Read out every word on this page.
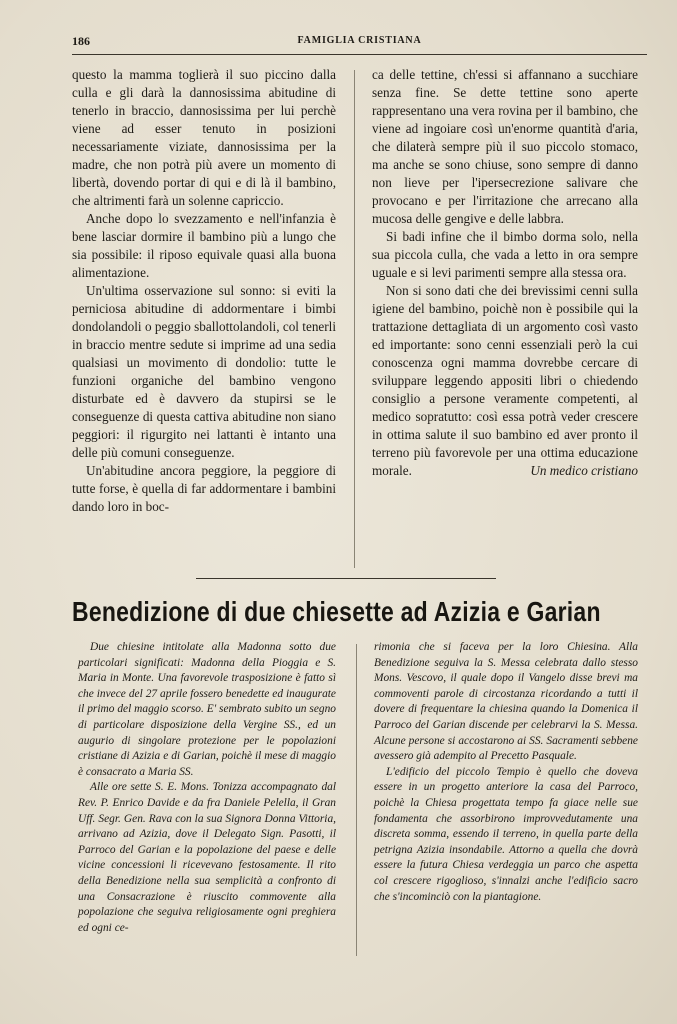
186	FAMIGLIA CRISTIANA

questo la mamma toglierà il suo piccino dalla culla e gli darà la dannosissima abitudine di tenerlo in braccio, dannosissima per lui perchè viene ad esser tenuto in posizioni necessariamente viziate, dannosissima per la madre, che non potrà più avere un momento di libertà, dovendo portar di qui e di là il bambino, che altrimenti farà un solenne capriccio.

Anche dopo lo svezzamento e nell'infanzia è bene lasciar dormire il bambino più a lungo che sia possibile: il riposo equivale quasi alla buona alimentazione.

Un'ultima osservazione sul sonno: si eviti la perniciosa abitudine di addormentare i bimbi dondolandoli o peggio sballottolandoli, col tenerli in braccio mentre sedute si imprime ad una sedia qualsiasi un movimento di dondolio: tutte le funzioni organiche del bambino vengono disturbate ed è davvero da stupirsi se le conseguenze di questa cattiva abitudine non siano peggiori: il rigurgito nei lattanti è intanto una delle più comuni conseguenze.

Un'abitudine ancora peggiore, la peggiore di tutte forse, è quella di far addormentare i bambini dando loro in boc-

ca delle tettine, ch'essi si affannano a succhiare senza fine. Se dette tettine sono aperte rappresentano una vera rovina per il bambino, che viene ad ingoiare così un'enorme quantità d'aria, che dilaterà sempre più il suo piccolo stomaco, ma anche se sono chiuse, sono sempre di danno non lieve per l'ipersecrezione salivare che provocano e per l'irritazione che arrecano alla mucosa delle gengive e delle labbra.

Si badi infine che il bimbo dorma solo, nella sua piccola culla, che vada a letto in ora sempre uguale e si levi parimenti sempre alla stessa ora.

Non si sono dati che dei brevissimi cenni sulla igiene del bambino, poichè non è possibile qui la trattazione dettagliata di un argomento così vasto ed importante: sono cenni essenziali però la cui conoscenza ogni mamma dovrebbe cercare di sviluppare leggendo appositi libri o chiedendo consiglio a persone veramente competenti, al medico sopratutto: così essa potrà veder crescere in ottima salute il suo bambino ed aver pronto il terreno più favorevole per una ottima educazione morale.	Un medico cristiano

Benedizione di due chiesette ad Azizia e Garian

Due chiesine intitolate alla Madonna sotto due particolari significati: Madonna della Pioggia e S. Maria in Monte. Una favorevole trasposizione è fatto sì che invece del 27 aprile fossero benedette ed inaugurate il primo del maggio scorso. E' sembrato subito un segno di particolare disposizione della Vergine SS., ed un augurio di singolare protezione per le popolazioni cristiane di Azizia e di Garian, poichè il mese di maggio è consacrato a Maria SS.

Alle ore sette S. E. Mons. Tonizza accompagnato dal Rev. P. Enrico Davide e da fra Daniele Pelella, il Gran Uff. Segr. Gen. Rava con la sua Signora Donna Vittoria, arrivano ad Azizia, dove il Delegato Sign. Pasotti, il Parroco del Garian e la popolazione del paese e delle vicine concessioni li ricevevano festosamente. Il rito della Benedizione nella sua semplicità a confronto di una Consacrazione è riuscito commovente alla popolazione che seguiva religiosamente ogni preghiera ed ogni ce-

rimonia che si faceva per la loro Chiesina. Alla Benedizione seguiva la S. Messa celebrata dallo stesso Mons. Vescovo, il quale dopo il Vangelo disse brevi ma commoventi parole di circostanza ricordando a tutti il dovere di frequentare la chiesina quando la Domenica il Parroco del Garian discende per celebrarvi la S. Messa. Alcune persone si accostarono ai SS. Sacramenti sebbene avessero già adempito al Precetto Pasquale.

L'edificio del piccolo Tempio è quello che doveva essere in un progetto anteriore la casa del Parroco, poichè la Chiesa progettata tempo fa giace nelle sue fondamenta che assorbirono improvvedutamente una discreta somma, essendo il terreno, in quella parte della petrigna Azizia insondabile. Attorno a quella che dovrà essere la futura Chiesa verdeggia un parco che aspetta col crescere rigoglioso, s'innalzi anche l'edificio sacro che s'incominciò con la piantagione.
